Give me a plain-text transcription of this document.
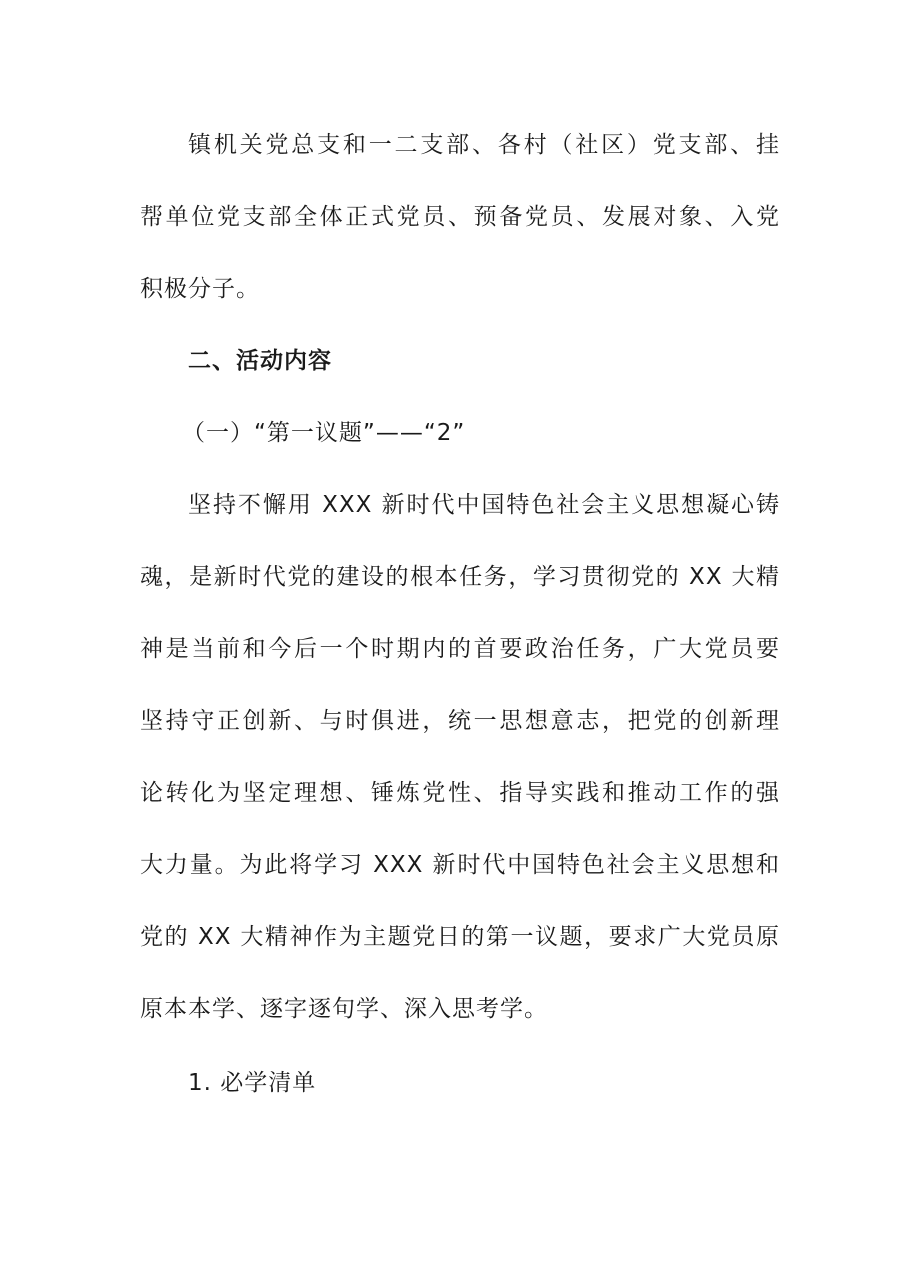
镇机关党总支和一二支部、各村（社区）党支部、挂
帮单位党支部全体正式党员、预备党员、发展对象、入党
积极分子。
二、活动内容
（一）“第一议题”——“2”
坚持不懈用 XXX 新时代中国特色社会主义思想凝心铸
魂，是新时代党的建设的根本任务，学习贯彻党的 XX 大精
神是当前和今后一个时期内的首要政治任务，广大党员要
坚持守正创新、与时俱进，统一思想意志，把党的创新理
论转化为坚定理想、锤炼党性、指导实践和推动工作的强
大力量。为此将学习 XXX 新时代中国特色社会主义思想和
党的 XX 大精神作为主题党日的第一议题，要求广大党员原
原本本学、逐字逐句学、深入思考学。
1. 必学清单
